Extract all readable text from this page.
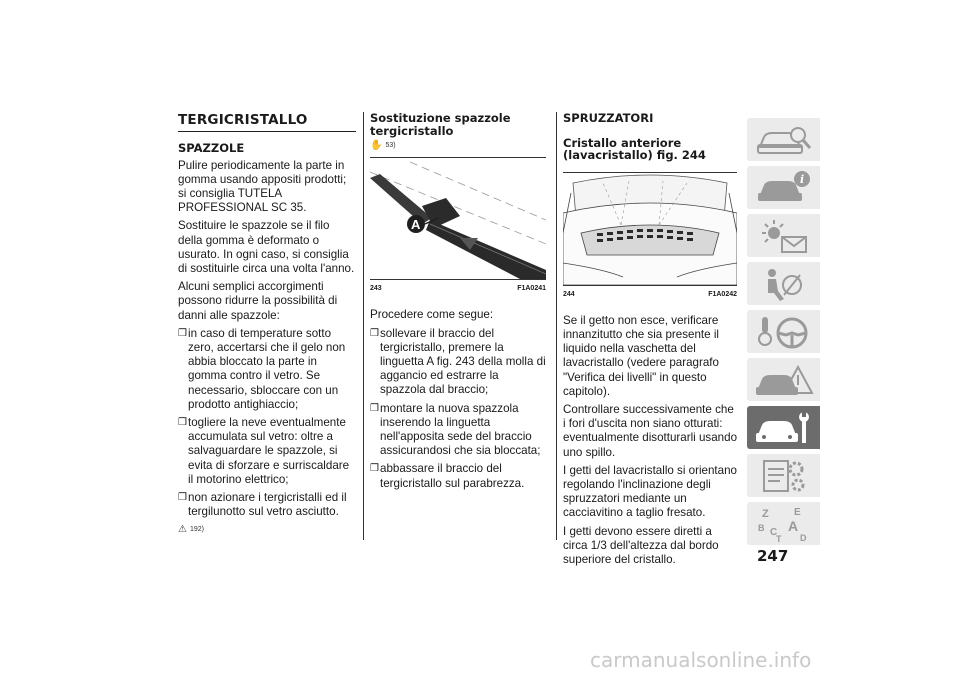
TERGICRISTALLO
SPAZZOLE

Pulire periodicamente la parte in gomma usando appositi prodotti; si consiglia TUTELA PROFESSIONAL SC 35.

Sostituire le spazzole se il filo della gomma è deformato o usurato. In ogni caso, si consiglia di sostituirle circa una volta l'anno.

Alcuni semplici accorgimenti possono ridurre la possibilità di danni alle spazzole:

❒ in caso di temperature sotto zero, accertarsi che il gelo non abbia bloccato la parte in gomma contro il vetro. Se necessario, sbloccare con un prodotto antighiaccio;
❒ togliere la neve eventualmente accumulata sul vetro: oltre a salvaguardare le spazzole, si evita di sforzare e surriscaldare il motorino elettrico;
❒ non azionare i tergicristalli ed il tergilunotto sul vetro asciutto.
⚠ 192)
Sostituzione spazzole tergicristallo
✋ 53)
A
243	F1A0241

Procedere come segue:

❒ sollevare il braccio del tergicristallo, premere la linguetta A fig. 243 della molla di aggancio ed estrarre la spazzola dal braccio;
❒ montare la nuova spazzola inserendo la linguetta nell'apposita sede del braccio assicurandosi che sia bloccata;
❒ abbassare il braccio del tergicristallo sul parabrezza.
SPRUZZATORI
Cristallo anteriore (lavacristallo) fig. 244
244	F1A0242

Se il getto non esce, verificare innanzitutto che sia presente il liquido nella vaschetta del lavacristallo (vedere paragrafo "Verifica dei livelli" in questo capitolo).

Controllare successivamente che i fori d'uscita non siano otturati: eventualmente disotturarli usando uno spillo.

I getti del lavacristallo si orientano regolando l'inclinazione degli spruzzatori mediante un cacciavitino a taglio fresato.

I getti devono essere diretti a circa 1/3 dell'altezza dal bordo superiore del cristallo.

i
Z	E
B A
C
T D
247
carmanualsonline.info
